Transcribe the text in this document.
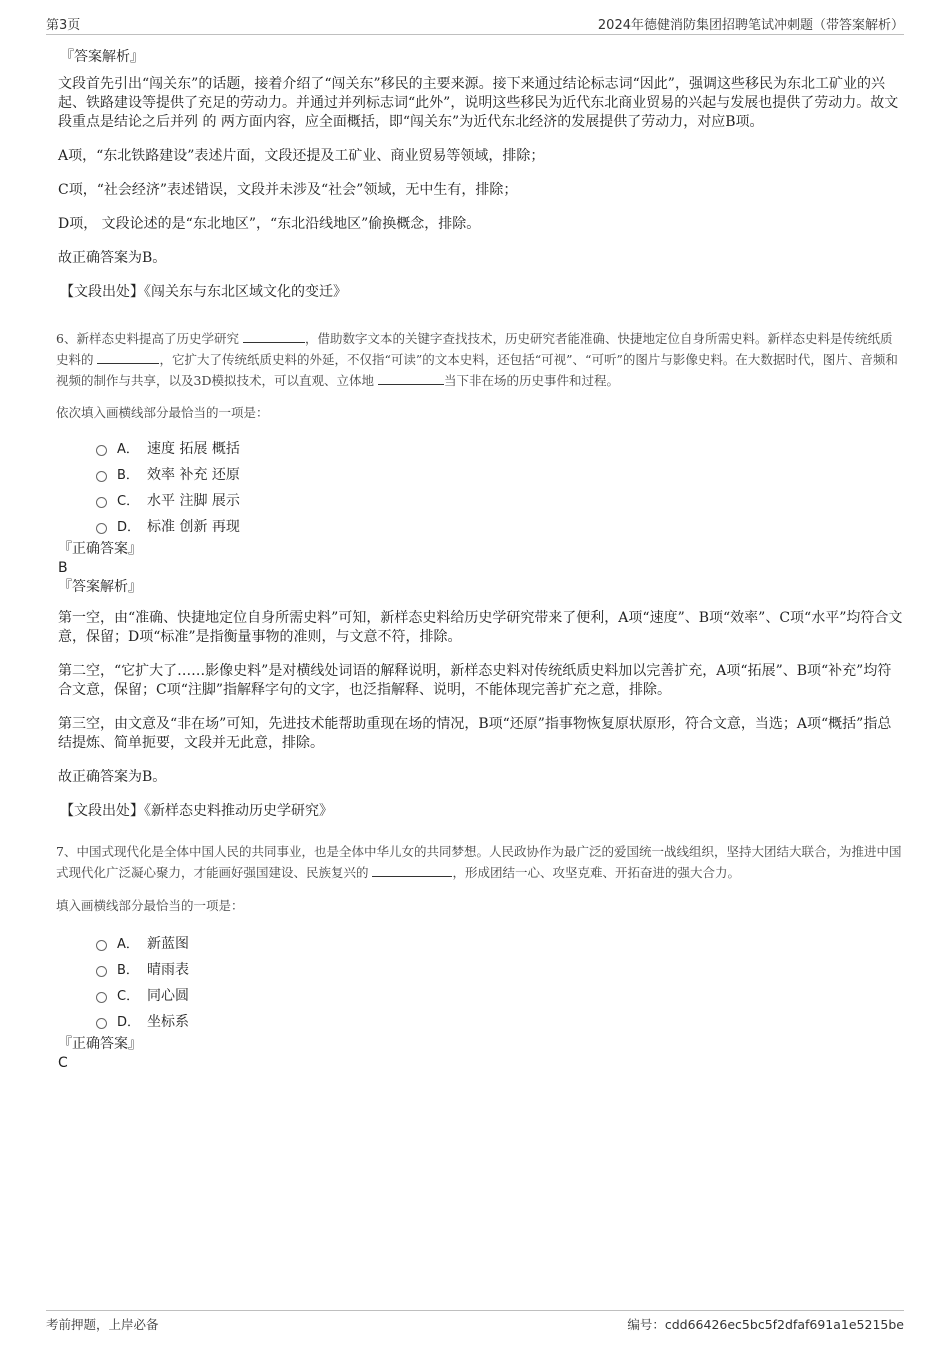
第3页	2024年德健消防集团招聘笔试冲刺题（带答案解析）
『答案解析』

文段首先引出“闯关东”的话题，接着介绍了“闯关东”移民的主要来源。接下来通过结论标志词“因此”，强调这些移民为东北工矿业的兴起、铁路建设等提供了充足的劳动力。并通过并列标志词“此外”，说明这些移民为近代东北商业贸易的兴起与发展也提供了劳动力。故文段重点是结论之后并列 的 两方面内容，应全面概括，即“闯关东”为近代东北经济的发展提供了劳动力，对应B项。

A项，“东北铁路建设”表述片面，文段还提及工矿业、商业贸易等领域，排除；

C项，“社会经济”表述错误，文段并未涉及“社会”领域，无中生有，排除；

D项， 文段论述的是“东北地区”，“东北沿线地区”偷换概念，排除。

故正确答案为B。

【文段出处】《闯关东与东北区域文化的变迁》

6、新样态史料提高了历史学研究	，借助数字文本的关键字查找技术，历史研究者能准确、快捷地定位自身所需史料。新样态史料是传统纸质史料的	，它扩大了传统纸质史料的外延，不仅指“可读”的文本史料，还包括“可视”、“可听”的图片与影像史料。在大数据时代，图片、音频和视频的制作与共享，以及3D模拟技术，可以直观、立体地	当下非在场的历史事件和过程。

依次填入画横线部分最恰当的一项是：

A． 速度 拓展 概括
B． 效率 补充 还原
C． 水平 注脚 展示
D． 标准 创新 再现

『正确答案』

B

『答案解析』

第一空，由“准确、快捷地定位自身所需史料”可知，新样态史料给历史学研究带来了便利，A项“速度”、B项“效率”、C项“水平”均符合文意，保留；D项“标准”是指衡量事物的准则，与文意不符，排除。

第二空，“它扩大了……影像史料”是对横线处词语的解释说明，新样态史料对传统纸质史料加以完善扩充，A项“拓展”、B项“补充”均符合文意，保留；C项“注脚”指解释字句的文字，也泛指解释、说明，不能体现完善扩充之意，排除。

第三空，由文意及“非在场”可知，先进技术能帮助重现在场的情况，B项“还原”指事物恢复原状原形，符合文意，当选；A项“概括”指总结提炼、简单扼要，文段并无此意，排除。

故正确答案为B。

【文段出处】《新样态史料推动历史学研究》

7、中国式现代化是全体中国人民的共同事业，也是全体中华儿女的共同梦想。人民政协作为最广泛的爱国统一战线组织，坚持大团结大联合，为推进中国式现代化广泛凝心聚力，才能画好强国建设、民族复兴的	，形成团结一心、攻坚克难、开拓奋进的强大合力。

填入画横线部分最恰当的一项是：

A． 新蓝图
B． 晴雨表
C． 同心圆
D． 坐标系

『正确答案』

C

考前押题，上岸必备	编号：cdd66426ec5bc5f2dfaf691a1e5215be
